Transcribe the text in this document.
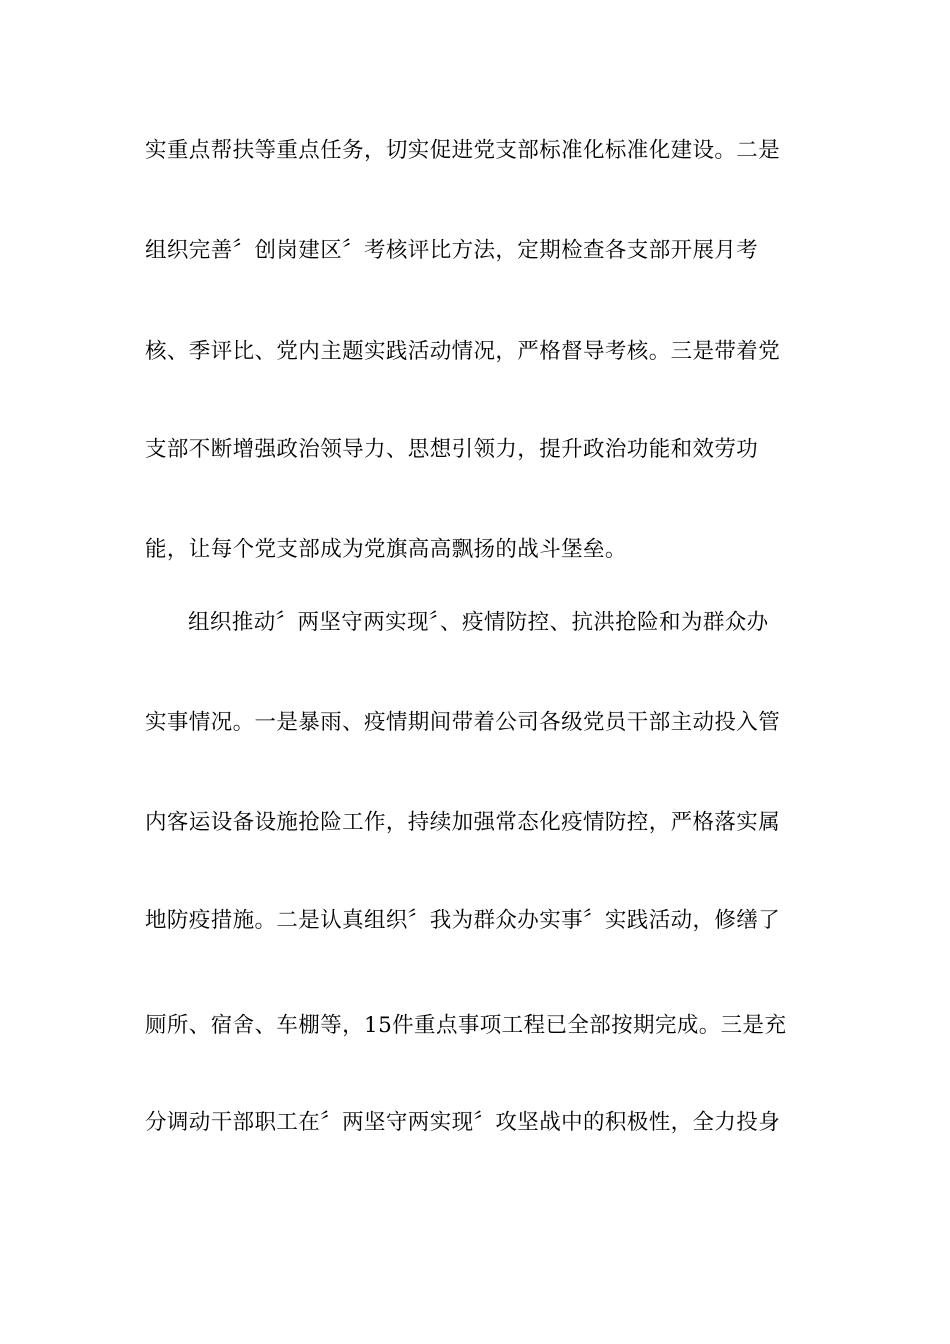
实重点帮扶等重点任务，切实促进党支部标准化标准化建设。二是
组织完善〞创岗建区〞考核评比方法，定期检查各支部开展月考
核、季评比、党内主题实践活动情况，严格督导考核。三是带着党
支部不断增强政治领导力、思想引领力，提升政治功能和效劳功
能，让每个党支部成为党旗高高飘扬的战斗堡垒。
组织推动〞两坚守两实现〞、疫情防控、抗洪抢险和为群众办
实事情况。一是暴雨、疫情期间带着公司各级党员干部主动投入管
内客运设备设施抢险工作，持续加强常态化疫情防控，严格落实属
地防疫措施。二是认真组织〞我为群众办实事〞实践活动，修缮了
厕所、宿舍、车棚等，15件重点事项工程已全部按期完成。三是充
分调动干部职工在〞两坚守两实现〞攻坚战中的积极性，全力投身
